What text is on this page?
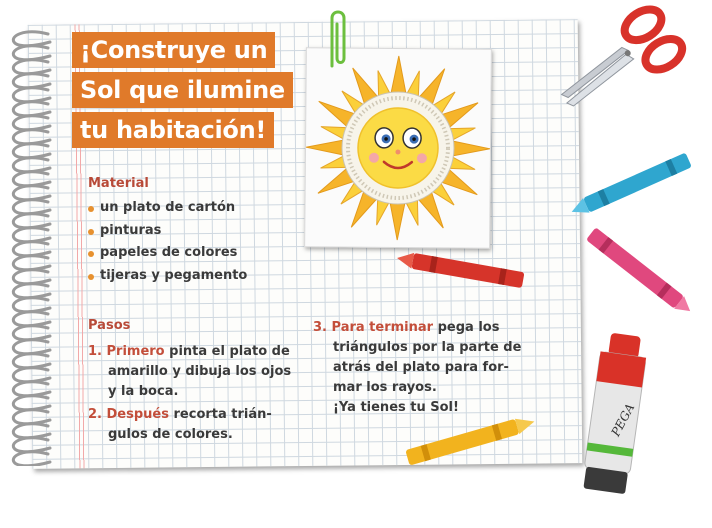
¡Construye un
Sol que ilumine
tu habitación!
Material
un plato de cartón
pinturas
papeles de colores
tijeras y pegamento
Pasos
1. Primero pinta el plato de
amarillo y dibuja los ojos
y la boca.
2. Después recorta trián-
gulos de colores.
3. Para terminar pega los
triángulos por la parte de
atrás del plato para for-
mar los rayos.
¡Ya tienes tu Sol!	PEGA
